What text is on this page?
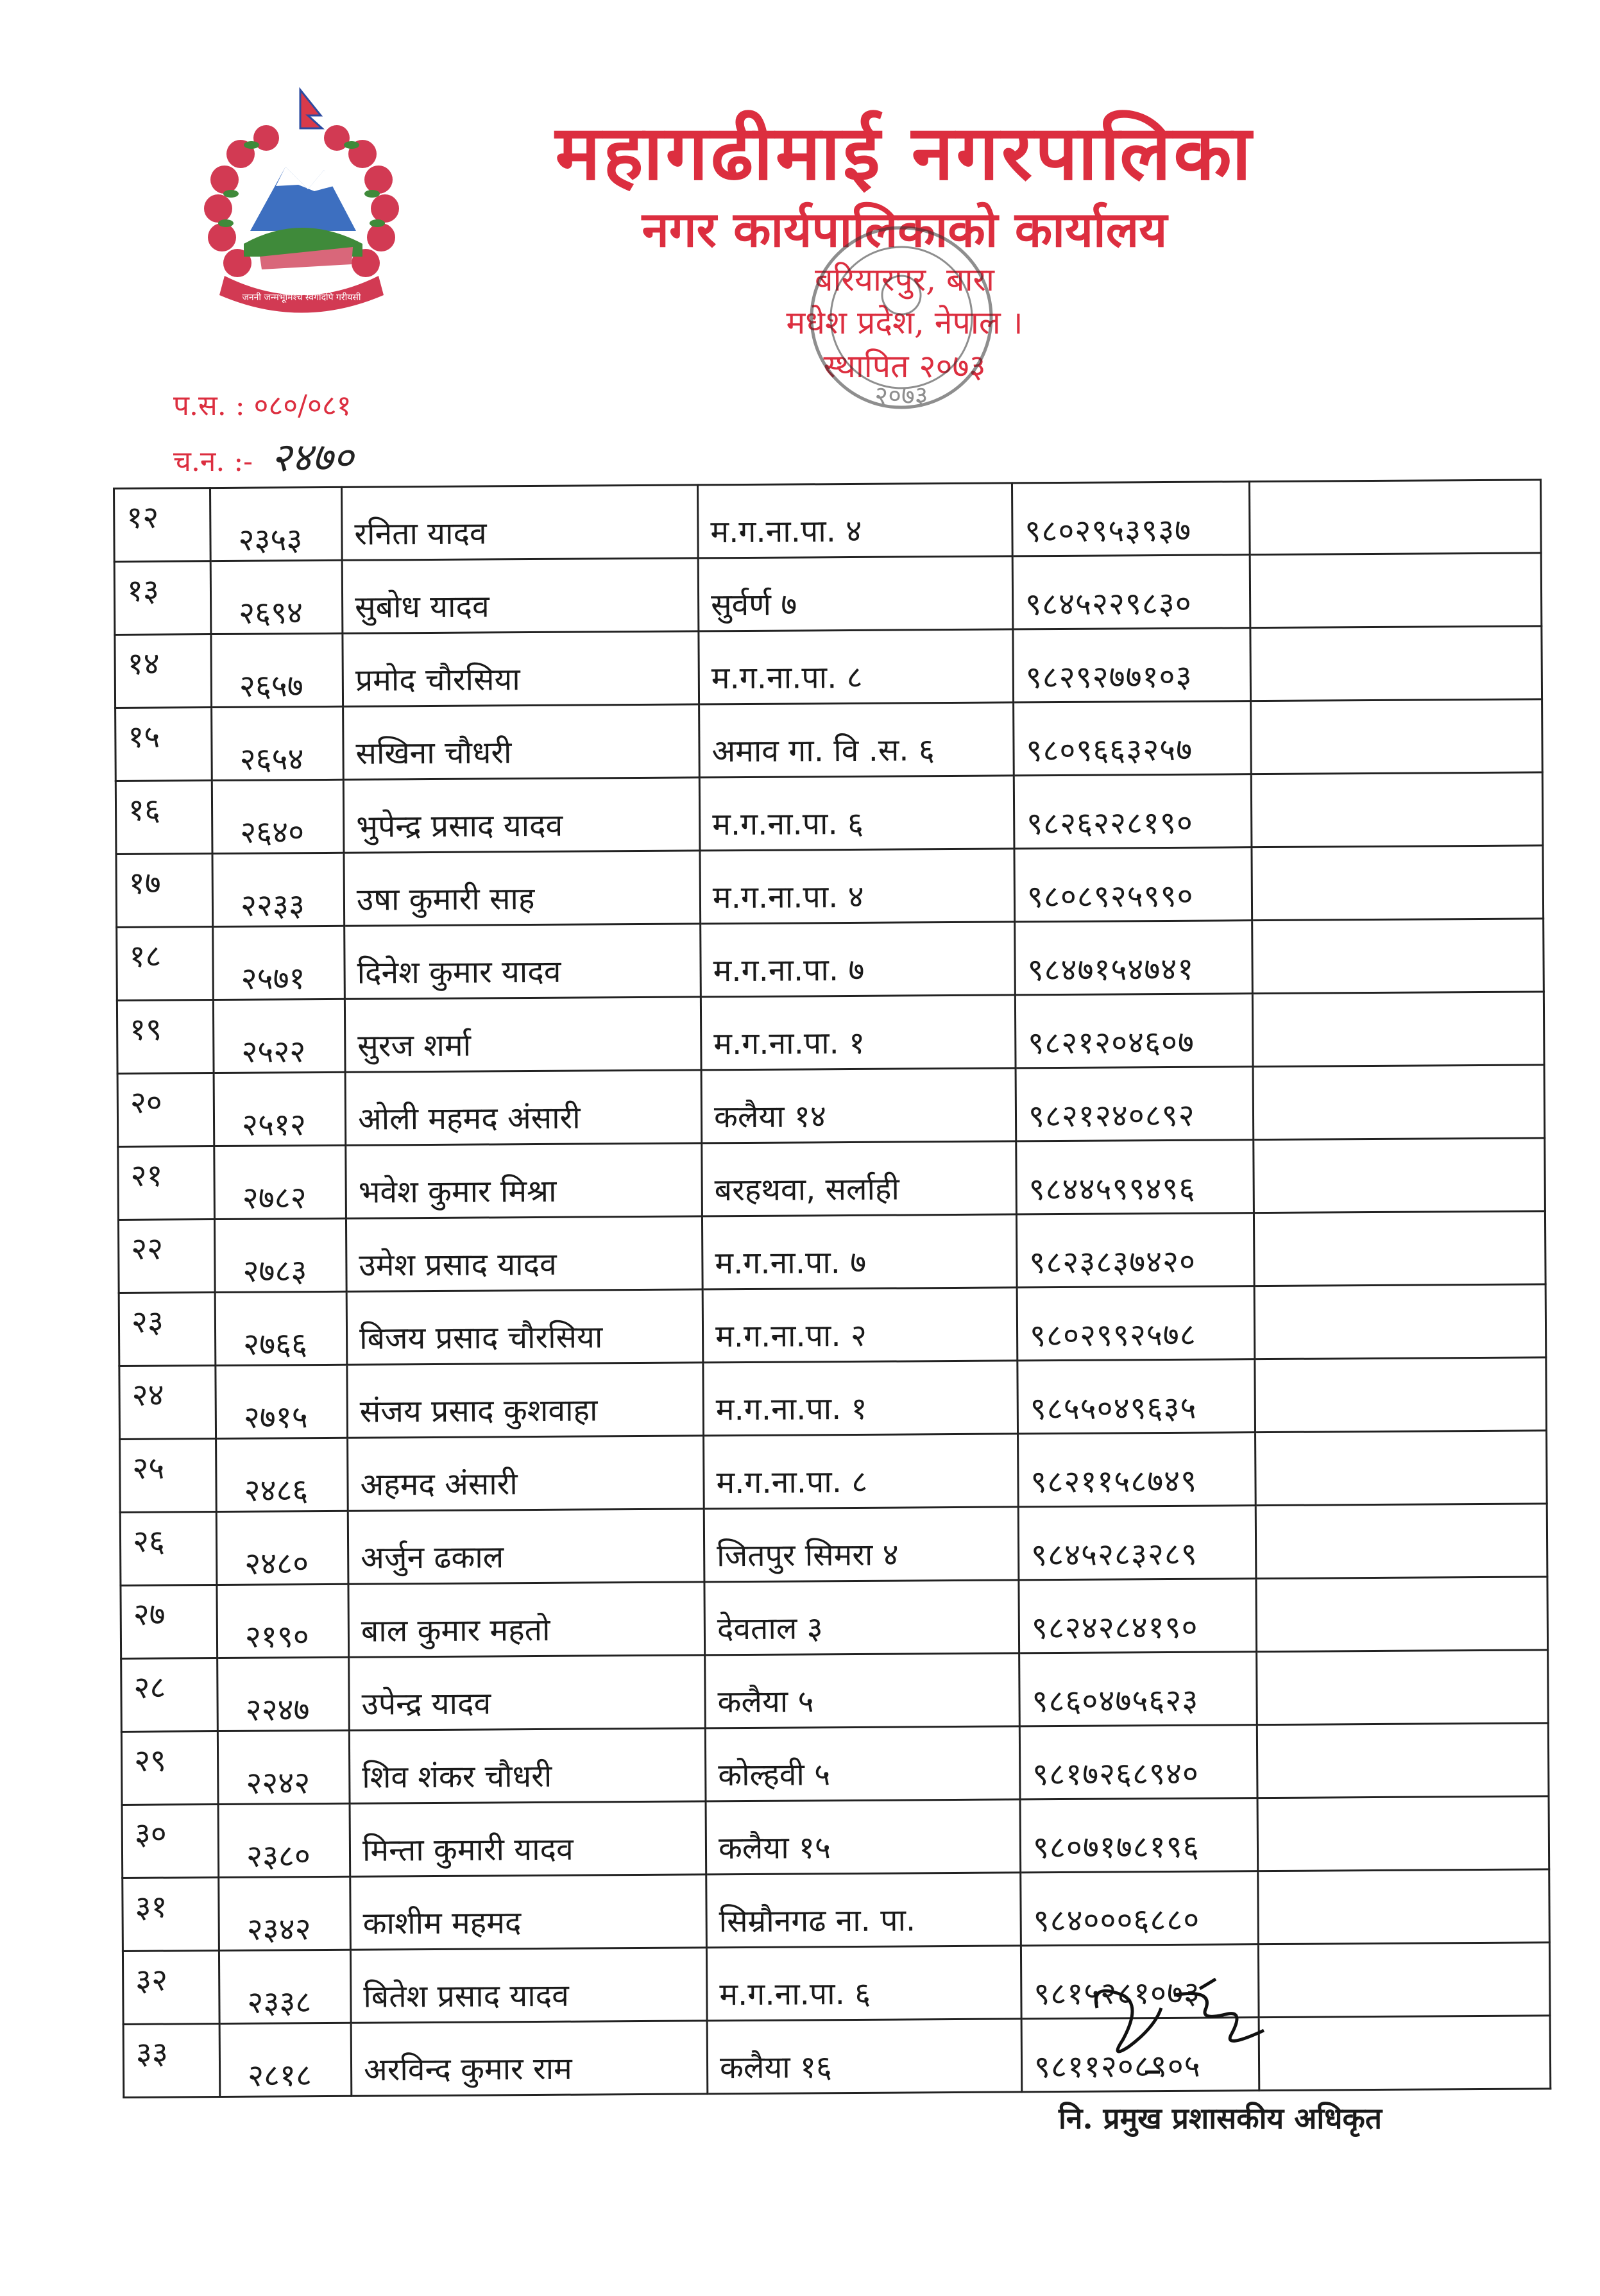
जननी जन्मभूमिश्च स्वर्गादपि गरीयसी
महागढीमाई नगरपालिका
नगर कार्यपालिकाको कार्यालय
बरियारपुर, बारा
मधेश प्रदेश, नेपाल ।
स्थापित २०७३
२०७३
प.स. : ०८०/०८१
च.न. :- २४७०
१२	२३५३	रनिता यादव	म.ग.ना.पा. ४	९८०२९५३९३७	
१३	२६९४	सुबोध यादव	सुर्वर्ण ७	९८४५२२९८३०	
१४	२६५७	प्रमोद चौरसिया	म.ग.ना.पा. ८	९८२९२७७१०३	
१५	२६५४	सखिना चौधरी	अमाव गा. वि .स. ६	९८०९६६३२५७	
१६	२६४०	भुपेन्द्र प्रसाद यादव	म.ग.ना.पा. ६	९८२६२२८१९०	
१७	२२३३	उषा कुमारी साह	म.ग.ना.पा. ४	९८०८९२५९९०	
१८	२५७१	दिनेश कुमार यादव	म.ग.ना.पा. ७	९८४७१५४७४१	
१९	२५२२	सुरज शर्मा	म.ग.ना.पा. १	९८२१२०४६०७	
२०	२५१२	ओली महमद अंसारी	कलैया १४	९८२१२४०८९२	
२१	२७८२	भवेश कुमार मिश्रा	बरहथवा, सर्लाही	९८४४५९९४९६	
२२	२७८३	उमेश प्रसाद यादव	म.ग.ना.पा. ७	९८२३८३७४२०	
२३	२७६६	बिजय प्रसाद चौरसिया	म.ग.ना.पा. २	९८०२९९२५७८	
२४	२७१५	संजय प्रसाद कुशवाहा	म.ग.ना.पा. १	९८५५०४९६३५	
२५	२४८६	अहमद अंसारी	म.ग.ना.पा. ८	९८२११५८७४९	
२६	२४८०	अर्जुन ढकाल	जितपुर सिमरा ४	९८४५२८३२८९	
२७	२१९०	बाल कुमार महतो	देवताल ३	९८२४२८४१९०	
२८	२२४७	उपेन्द्र यादव	कलैया ५	९८६०४७५६२३	
२९	२२४२	शिव शंकर चौधरी	कोल्हवी ५	९८१७२६८९४०	
३०	२३८०	मिन्ता कुमारी यादव	कलैया १५	९८०७१७८१९६	
३१	२३४२	काशीम महमद	सिम्रौनगढ ना. पा.	९८४०००६८८०	
३२	२३३८	बितेश प्रसाद यादव	म.ग.ना.पा. ६	९८१५२८१०७३	
३३	२८१८	अरविन्द कुमार राम	कलैया १६	९८११२०८९०५	
नि. प्रमुख प्रशासकीय अधिकृत
